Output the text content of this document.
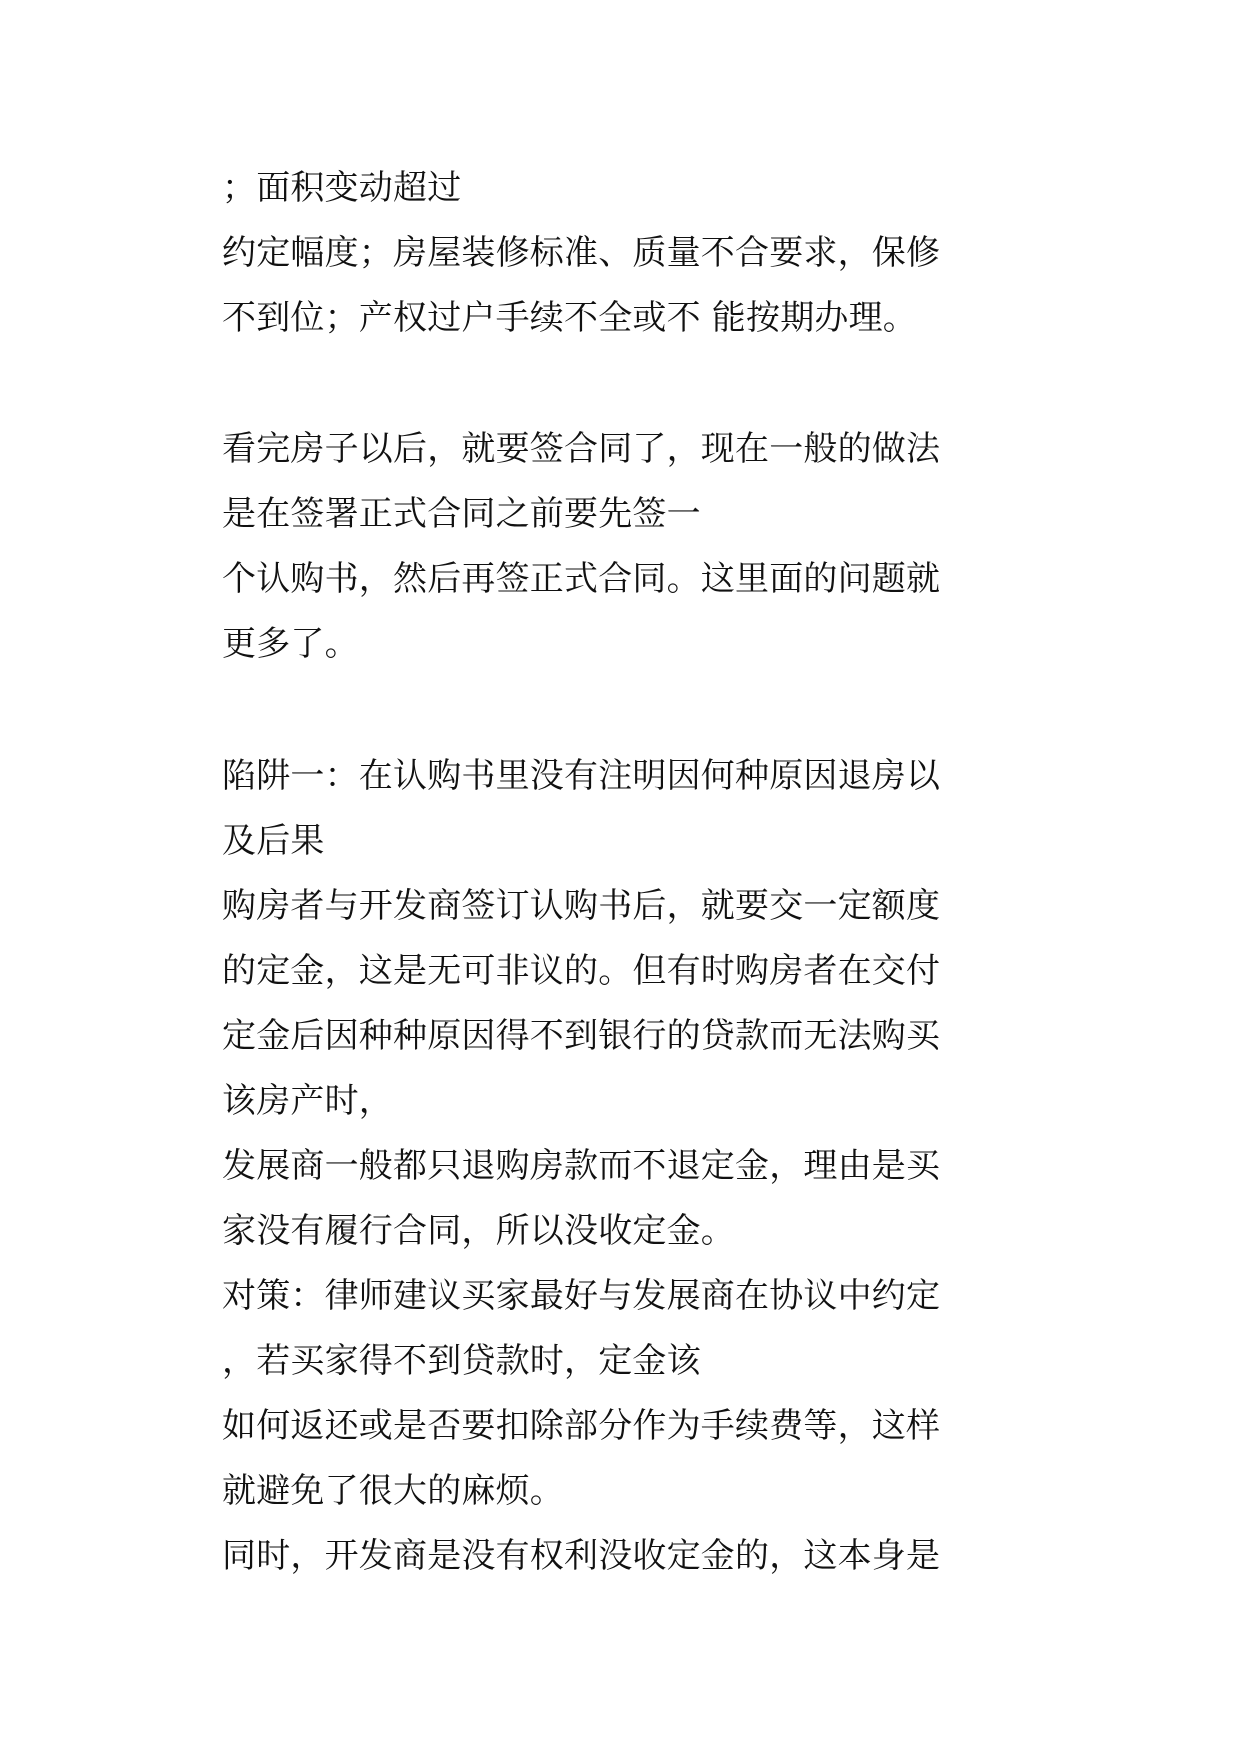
；面积变动超过
约定幅度；房屋装修标准、质量不合要求，保修
不到位；产权过户手续不全或不 能按期办理。
看完房子以后，就要签合同了，现在一般的做法
是在签署正式合同之前要先签一
个认购书，然后再签正式合同。这里面的问题就
更多了。
陷阱一：在认购书里没有注明因何种原因退房以
及后果
购房者与开发商签订认购书后，就要交一定额度
的定金，这是无可非议的。但有时购房者在交付
定金后因种种原因得不到银行的贷款而无法购买
该房产时，
发展商一般都只退购房款而不退定金，理由是买
家没有履行合同，所以没收定金。
对策：律师建议买家最好与发展商在协议中约定
，若买家得不到贷款时，定金该
如何返还或是否要扣除部分作为手续费等，这样
就避免了很大的麻烦。
同时，开发商是没有权利没收定金的，这本身是
